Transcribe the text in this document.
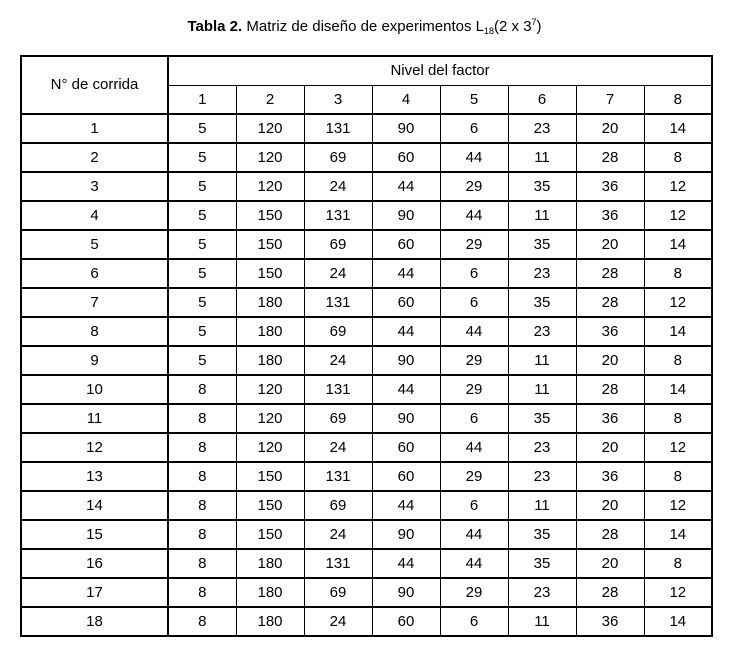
Tabla 2. Matriz de diseño de experimentos $L_{18}(2$ x $3^7$)
N° de corrida	Nivel del factor							
	1	2	3	4	5	6	7	8
1	5	120	131	90	6	23	20	14
2	5	120	69	60	44	11	28	8
3	5	120	24	44	29	35	36	12
4	5	150	131	90	44	11	36	12
5	5	150	69	60	29	35	20	14
6	5	150	24	44	6	23	28	8
7	5	180	131	60	6	35	28	12
8	5	180	69	44	44	23	36	14
9	5	180	24	90	29	11	20	8
10	8	120	131	44	29	11	28	14
11	8	120	69	90	6	35	36	8
12	8	120	24	60	44	23	20	12
13	8	150	131	60	29	23	36	8
14	8	150	69	44	6	11	20	12
15	8	150	24	90	44	35	28	14
16	8	180	131	44	44	35	20	8
17	8	180	69	90	29	23	28	12
18	8	180	24	60	6	11	36	14
